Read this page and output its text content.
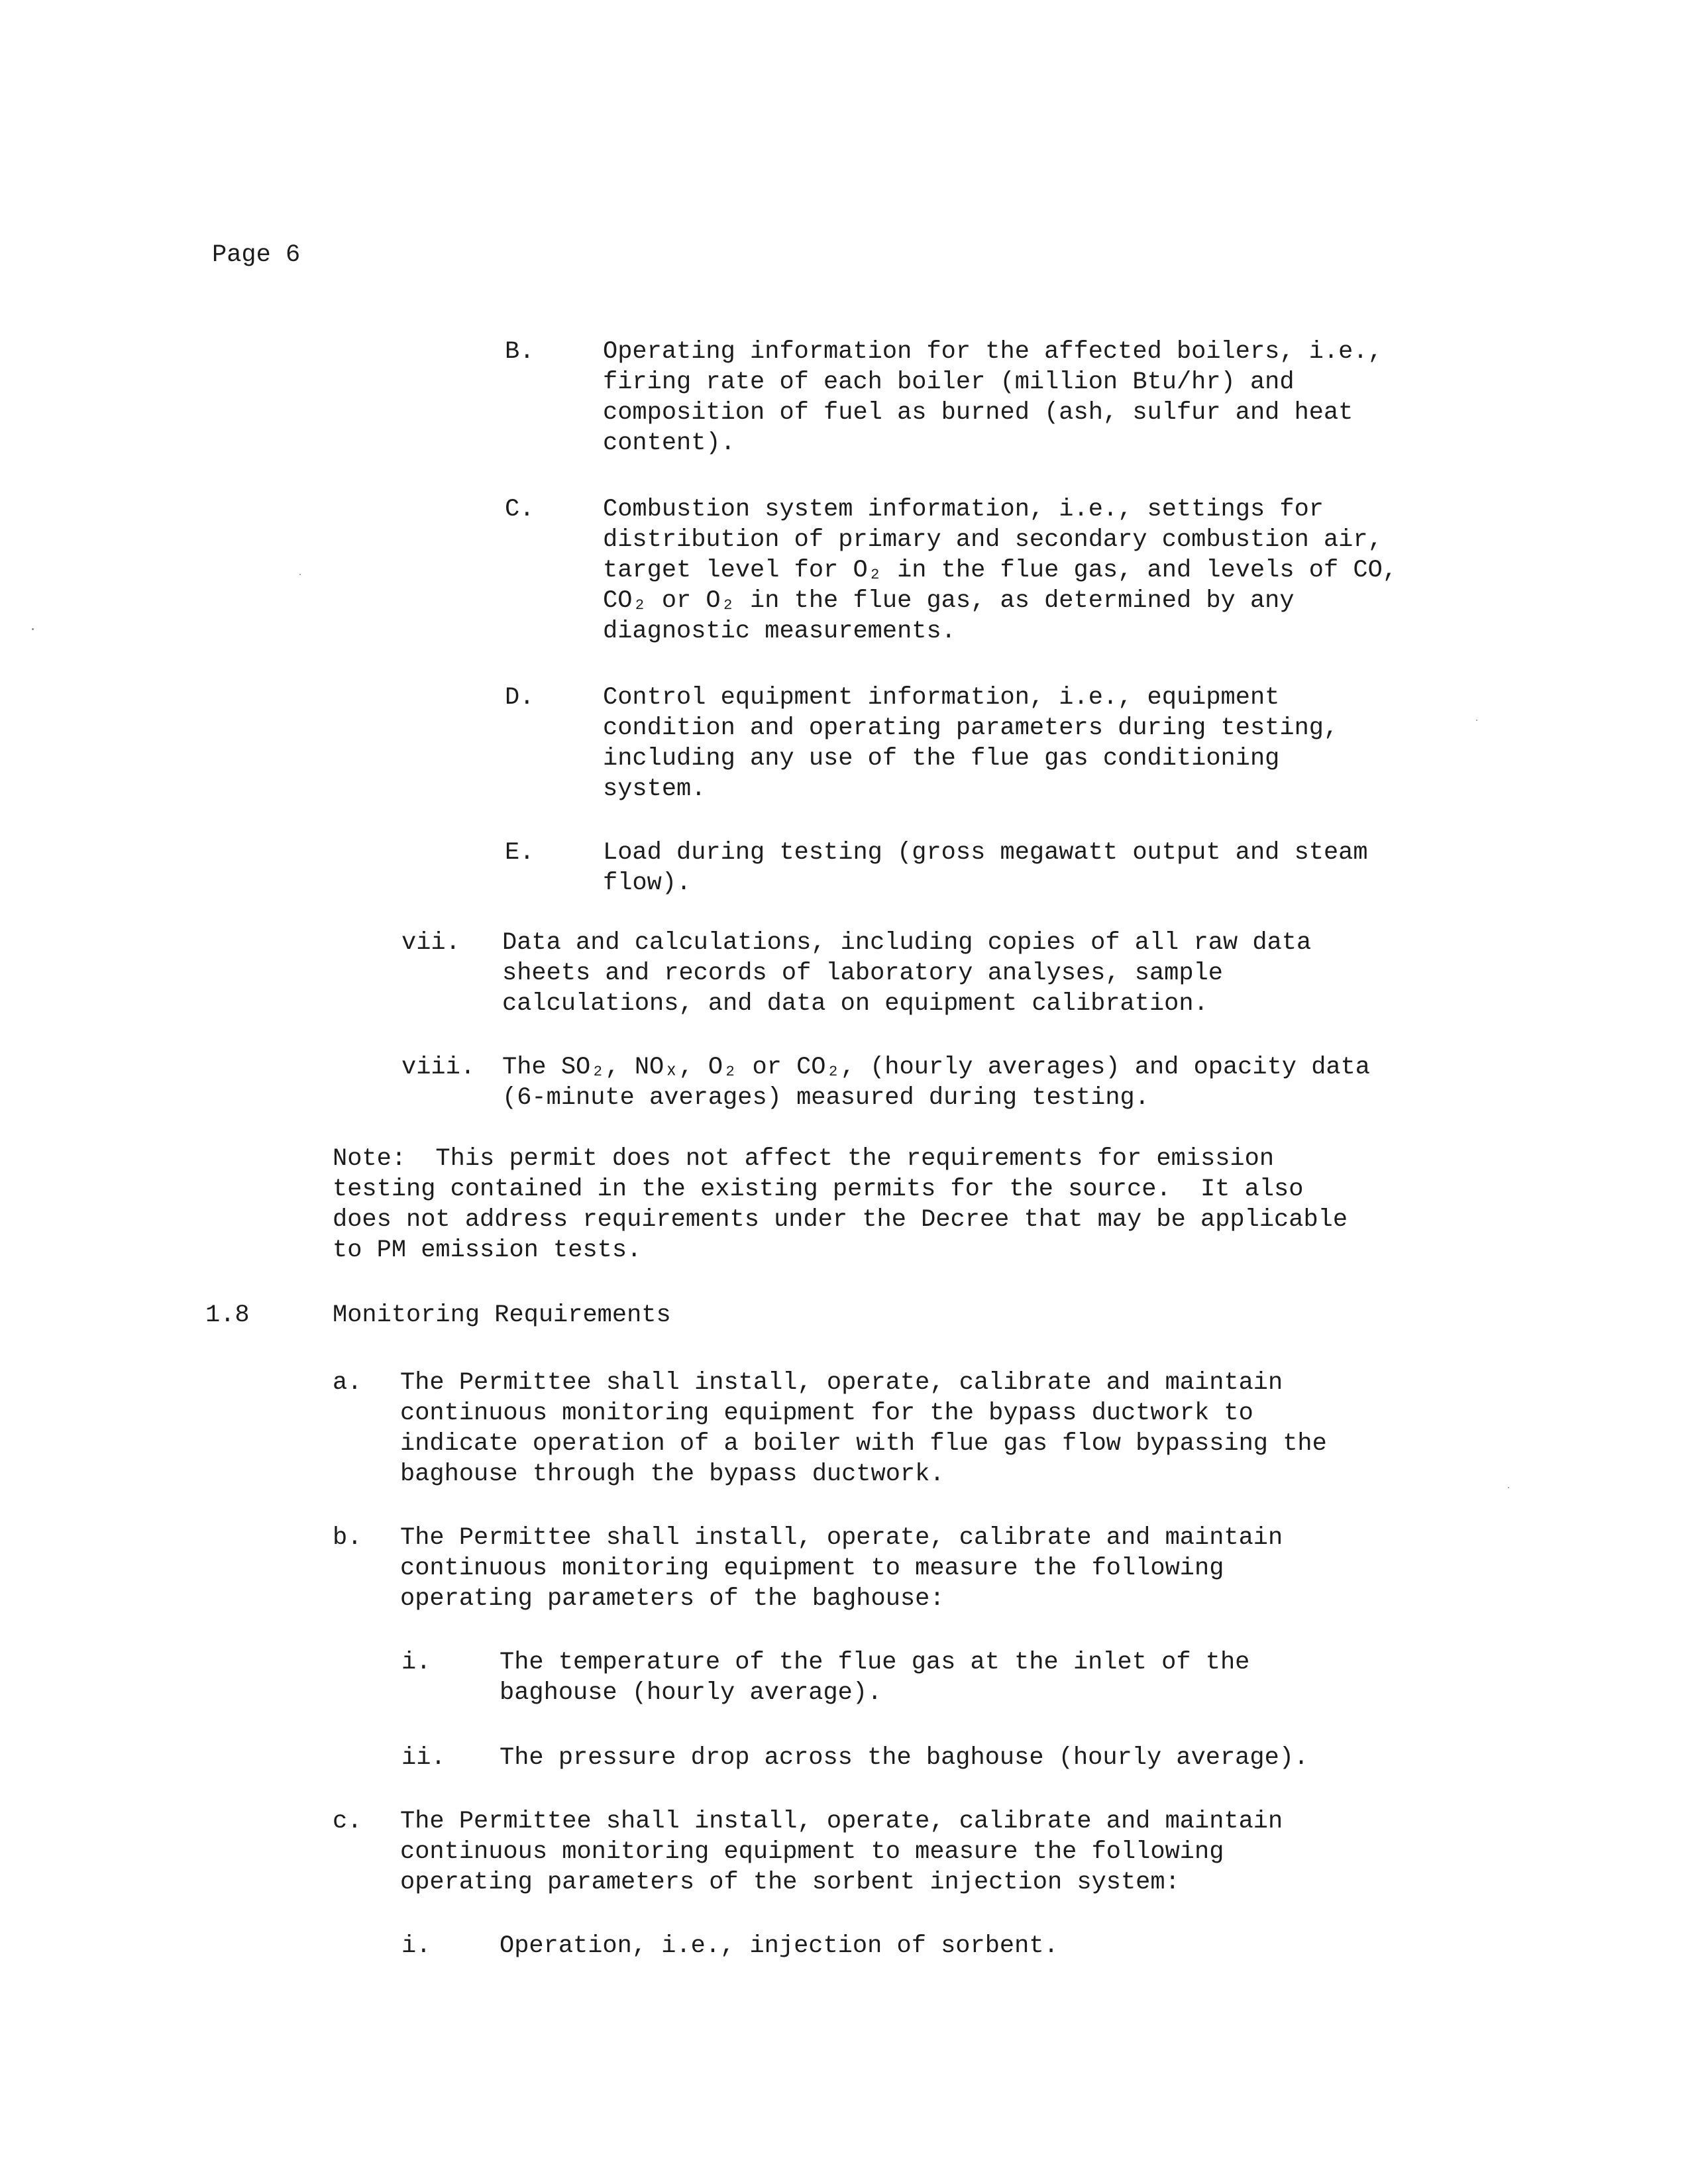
Page 6
B.	Operating information for the affected boilers, i.e.,
firing rate of each boiler (million Btu/hr) and
composition of fuel as burned (ash, sulfur and heat
content).
C.	Combustion system information, i.e., settings for
distribution of primary and secondary combustion air,
target level for O₂ in the flue gas, and levels of CO,
CO₂ or O₂ in the flue gas, as determined by any
diagnostic measurements.
D.	Control equipment information, i.e., equipment
condition and operating parameters during testing,
including any use of the flue gas conditioning
system.
E.	Load during testing (gross megawatt output and steam
flow).
vii. Data and calculations, including copies of all raw data
sheets and records of laboratory analyses, sample
calculations, and data on equipment calibration.
viii. The SO₂, NOₓ, O₂ or CO₂, (hourly averages) and opacity data
(6-minute averages) measured during testing.
Note:  This permit does not affect the requirements for emission
testing contained in the existing permits for the source.  It also
does not address requirements under the Decree that may be applicable
to PM emission tests.
1.8	Monitoring Requirements
a. The Permittee shall install, operate, calibrate and maintain
continuous monitoring equipment for the bypass ductwork to
indicate operation of a boiler with flue gas flow bypassing the
baghouse through the bypass ductwork.
b. The Permittee shall install, operate, calibrate and maintain
continuous monitoring equipment to measure the following
operating parameters of the baghouse:
i.	The temperature of the flue gas at the inlet of the
baghouse (hourly average).
ii. The pressure drop across the baghouse (hourly average).
c. The Permittee shall install, operate, calibrate and maintain
continuous monitoring equipment to measure the following
operating parameters of the sorbent injection system:
i.	Operation, i.e., injection of sorbent.
